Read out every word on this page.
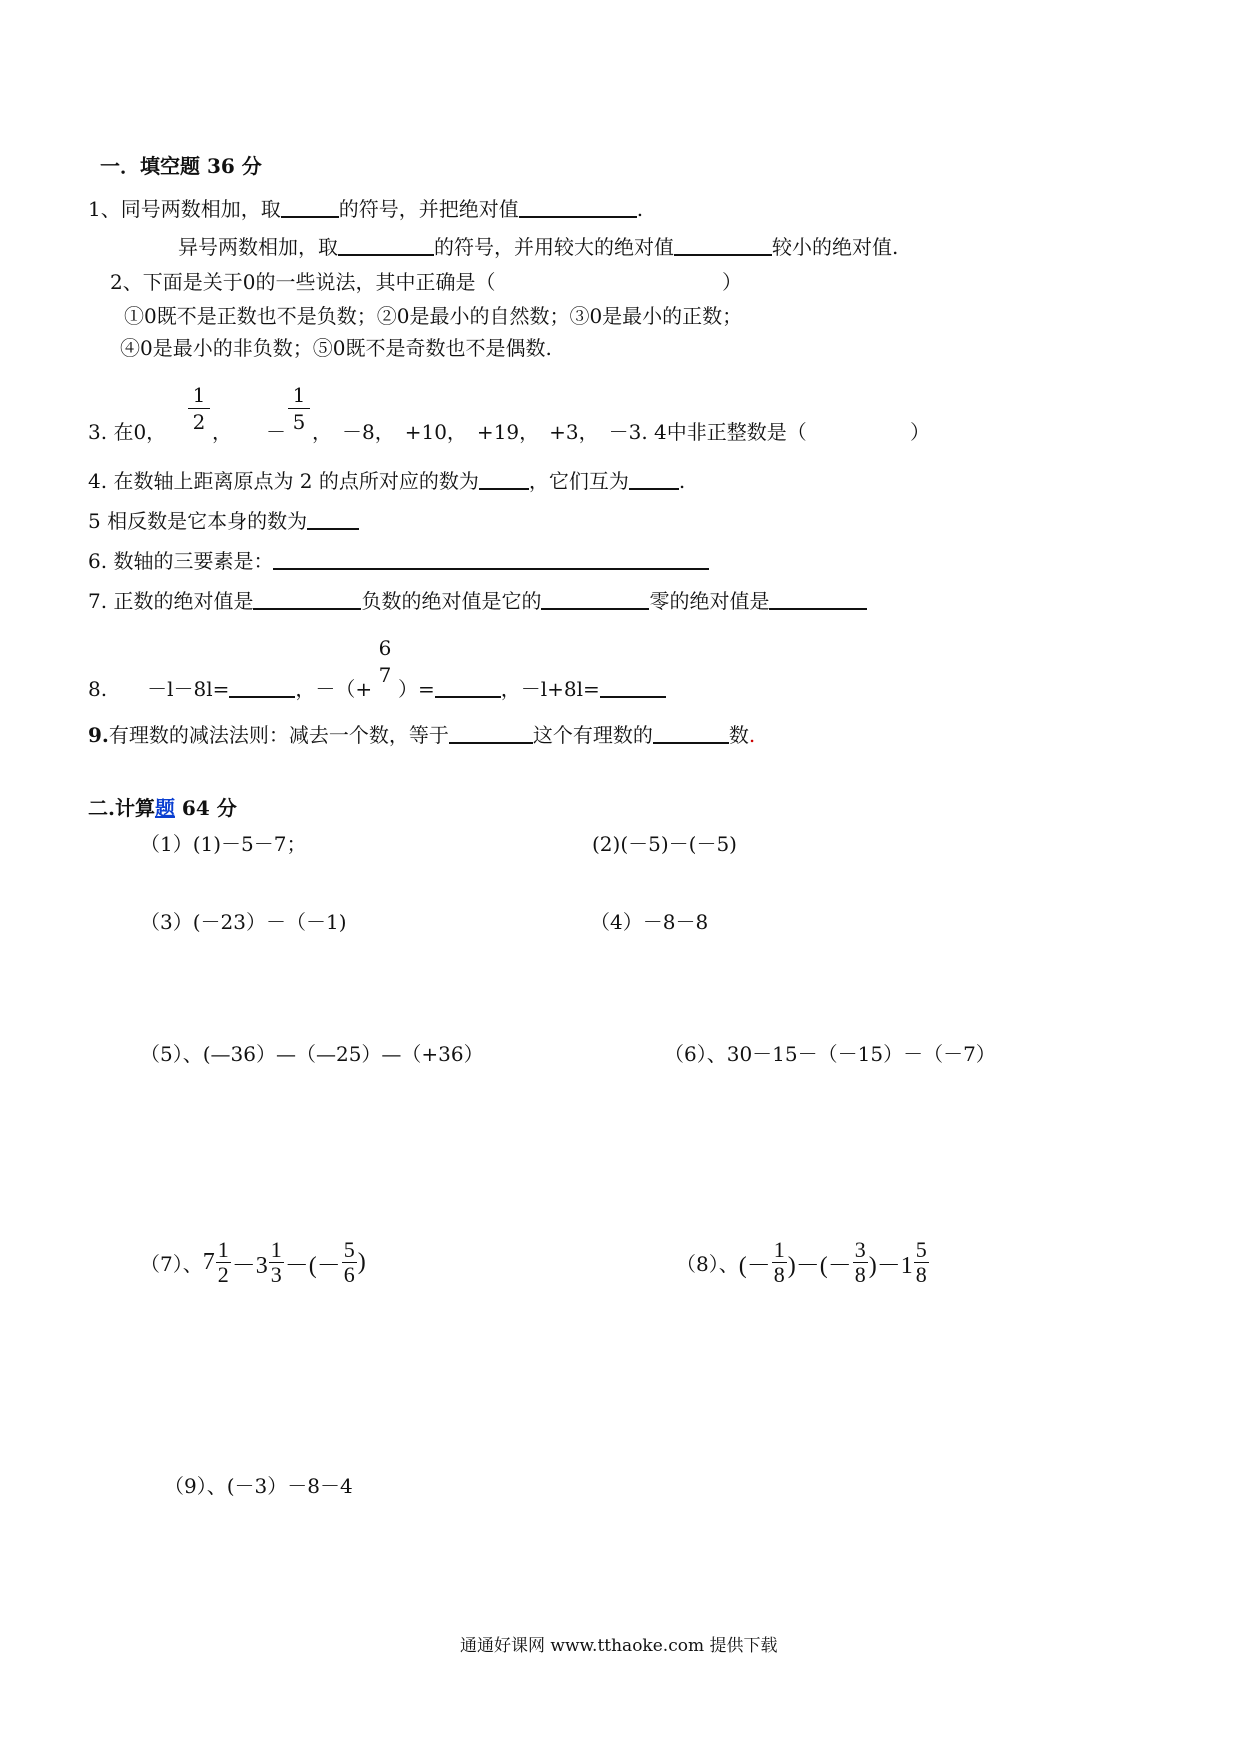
一．填空题 36 分
1、同号两数相加，取	的符号，并把绝对值	.
异号两数相加，取	的符号，并用较大的绝对值	较小的绝对值.
2、下面是关于0的一些说法，其中正确是（	）
①0既不是正数也不是负数；②0是最小的自然数；③0是最小的正数；
④0是最小的非负数；⑤0既不是奇数也不是偶数.
3. 在0，
1
2 ， －
1
5 ，　－8，　+10，　+19，　+3，　－3. 4中非正整数是（	）
4. 在数轴上距离原点为 2 的点所对应的数为	，它们互为	.
5 相反数是它本身的数为
6. 数轴的三要素是：
7. 正数的绝对值是	负数的绝对值是它的	零的绝对值是
8.　　－l－8l=	，－（+
6
7
）=	，－l+8l=
9.有理数的减法法则：减去一个数，等于	这个有理数的	数.
二.计算题 64 分
（1）(1)－5－7；	(2)(－5)－(－5)
（3）(－23）－（－1)	（4）－8－8
（5）、(—36）—（—25）—（+36）	（6）、30－15－（－15）－（－7）
（7）、$7 \frac{1}{2} -3 \frac{1}{3}$ －(－ $\frac{5}{6}$ )	（8）、(－ $\frac{1}{8}$ )－(－ $\frac{3}{8} )-1 \frac{5}{8}$
（9）、(－3）－8－4
通通好课网 www.tthaoke.com 提供下载
